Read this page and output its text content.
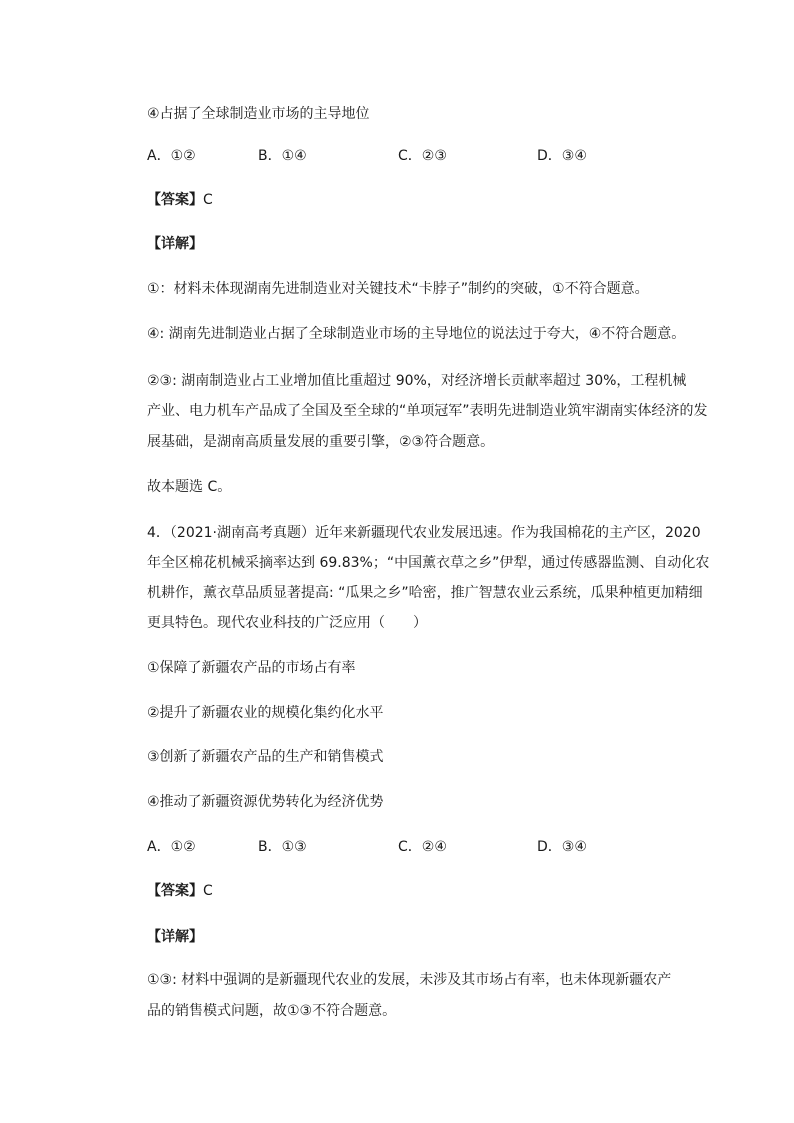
④占据了全球制造业市场的主导地位
A．①②	B．①④	C．②③	D．③④
【答案】C
【详解】
①：材料未体现湖南先进制造业对关键技术“卡脖子”制约的突破，①不符合题意。
④: 湖南先进制造业占据了全球制造业市场的主导地位的说法过于夸大，④不符合题意。
②③: 湖南制造业占工业增加值比重超过 90%，对经济增长贡献率超过 30%，工程机械
产业、电力机车产品成了全国及至全球的“单项冠军”表明先进制造业筑牢湖南实体经济的发
展基础，是湖南高质量发展的重要引擎，②③符合题意。
故本题选 C。
4．（2021·湖南高考真题）近年来新疆现代农业发展迅速。作为我国棉花的主产区，2020
年全区棉花机械采摘率达到 69.83%；“中国薰衣草之乡”伊犁，通过传感器监测、自动化农
机耕作，薰衣草品质显著提高: “瓜果之乡”哈密，推广智慧农业云系统，瓜果种植更加精细
更具特色。现代农业科技的广泛应用（　　）
①保障了新疆农产品的市场占有率
②提升了新疆农业的规模化集约化水平
③创新了新疆农产品的生产和销售模式
④推动了新疆资源优势转化为经济优势
A．①②	B．①③	C．②④	D．③④
【答案】C
【详解】
①③: 材料中强调的是新疆现代农业的发展，未涉及其市场占有率，也未体现新疆农产
品的销售模式问题，故①③不符合题意。
